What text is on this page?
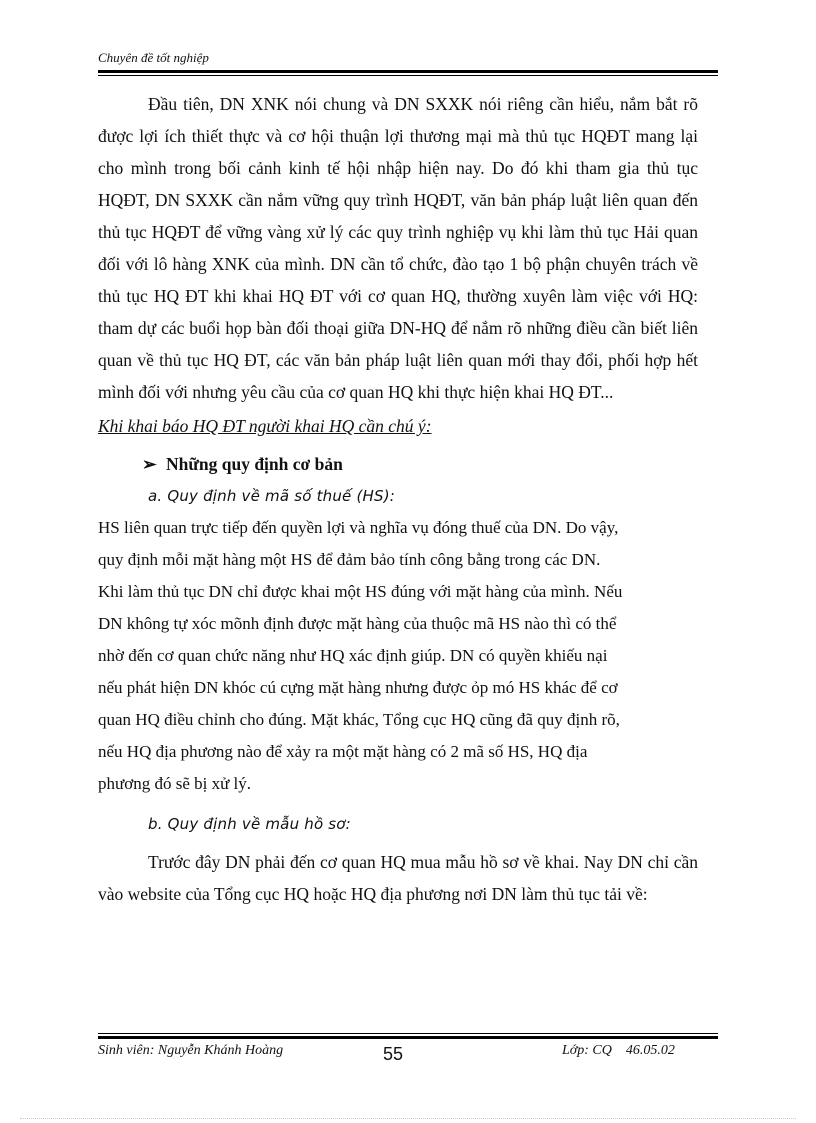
Chuyên đề tốt nghiệp

Đầu tiên, DN XNK nói chung và DN SXXK nói riêng cần hiểu, nắm bắt rõ được lợi ích thiết thực và cơ hội thuận lợi thương mại mà thủ tục HQĐT mang lại cho mình trong bối cảnh kinh tế hội nhập hiện nay. Do đó khi tham gia thủ tục HQĐT, DN SXXK cần nắm vững quy trình HQĐT, văn bản pháp luật liên quan đến thủ tục HQĐT để vững vàng xử lý các quy trình nghiệp vụ khi làm thủ tục Hải quan đối với lô hàng XNK của mình. DN cần tổ chức, đào tạo 1 bộ phận chuyên trách về thủ tục HQ ĐT khi khai HQ ĐT với cơ quan HQ, thường xuyên làm việc với HQ: tham dự các buổi họp bàn đối thoại giữa DN-HQ để nắm rõ những điều cần biết liên quan về thủ tục HQ ĐT, các văn bản pháp luật liên quan mới thay đổi, phối hợp hết mình đối với nhưng yêu cầu của cơ quan HQ khi thực hiện khai HQ ĐT...

Khi khai báo HQ ĐT người khai HQ cần chú ý:

➢ Những quy định cơ bản

a. Quy định về mã số thuế (HS):

HS liên quan trực tiếp đến quyền lợi và nghĩa vụ đóng thuế của DN. Do vậy,

quy định mỗi mặt hàng một HS để đảm bảo tính công bằng trong các DN.

Khi làm thủ tục DN chỉ được khai một HS đúng với mặt hàng của mình. Nếu

DN không tự xóc mõnh định được mặt hàng của thuộc mã HS nào thì có thể

nhờ đến cơ quan chức năng như HQ xác định giúp. DN có quyền khiếu nại

nếu phát hiện DN khóc cú cựng mặt hàng nhưng được ỏp mó HS khác để cơ

quan HQ điều chỉnh cho đúng. Mặt khác, Tổng cục HQ cũng đã quy định rõ,

nếu HQ địa phương nào để xảy ra một mặt hàng có 2 mã số HS, HQ địa

phương đó sẽ bị xử lý.

b. Quy định về mẫu hồ sơ:

Trước đây DN phải đến cơ quan HQ mua mẫu hồ sơ về khai. Nay DN chỉ cần vào website của Tổng cục HQ hoặc HQ địa phương nơi DN làm thủ tục tải về:

Sinh viên: Nguyễn Khánh Hoàng	55	Lớp: CQ 46.05.02
